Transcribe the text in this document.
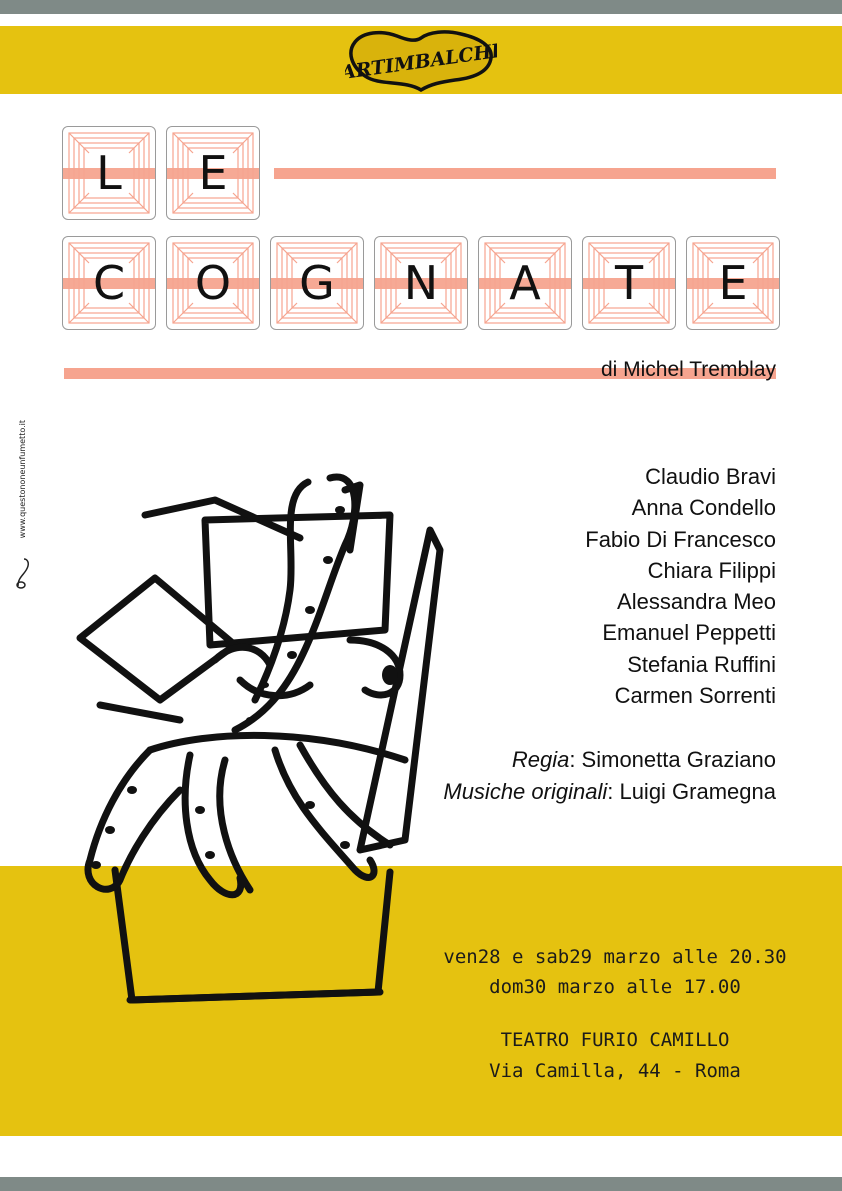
ARTIMBALCHI
L	E
C	O	G	N	A	T	E
di Michel Tremblay
www.questononeunfumetto.it	Claudio Bravi
Anna Condello
Fabio Di Francesco
Chiara Filippi
Alessandra Meo
Emanuel Peppetti
Stefania Ruffini
Carmen Sorrenti
Regia: Simonetta Graziano
Musiche originali: Luigi Gramegna
ven28 e sab29 marzo alle 20.30
dom30 marzo alle 17.00
TEATRO FURIO CAMILLO
Via Camilla, 44 - Roma
